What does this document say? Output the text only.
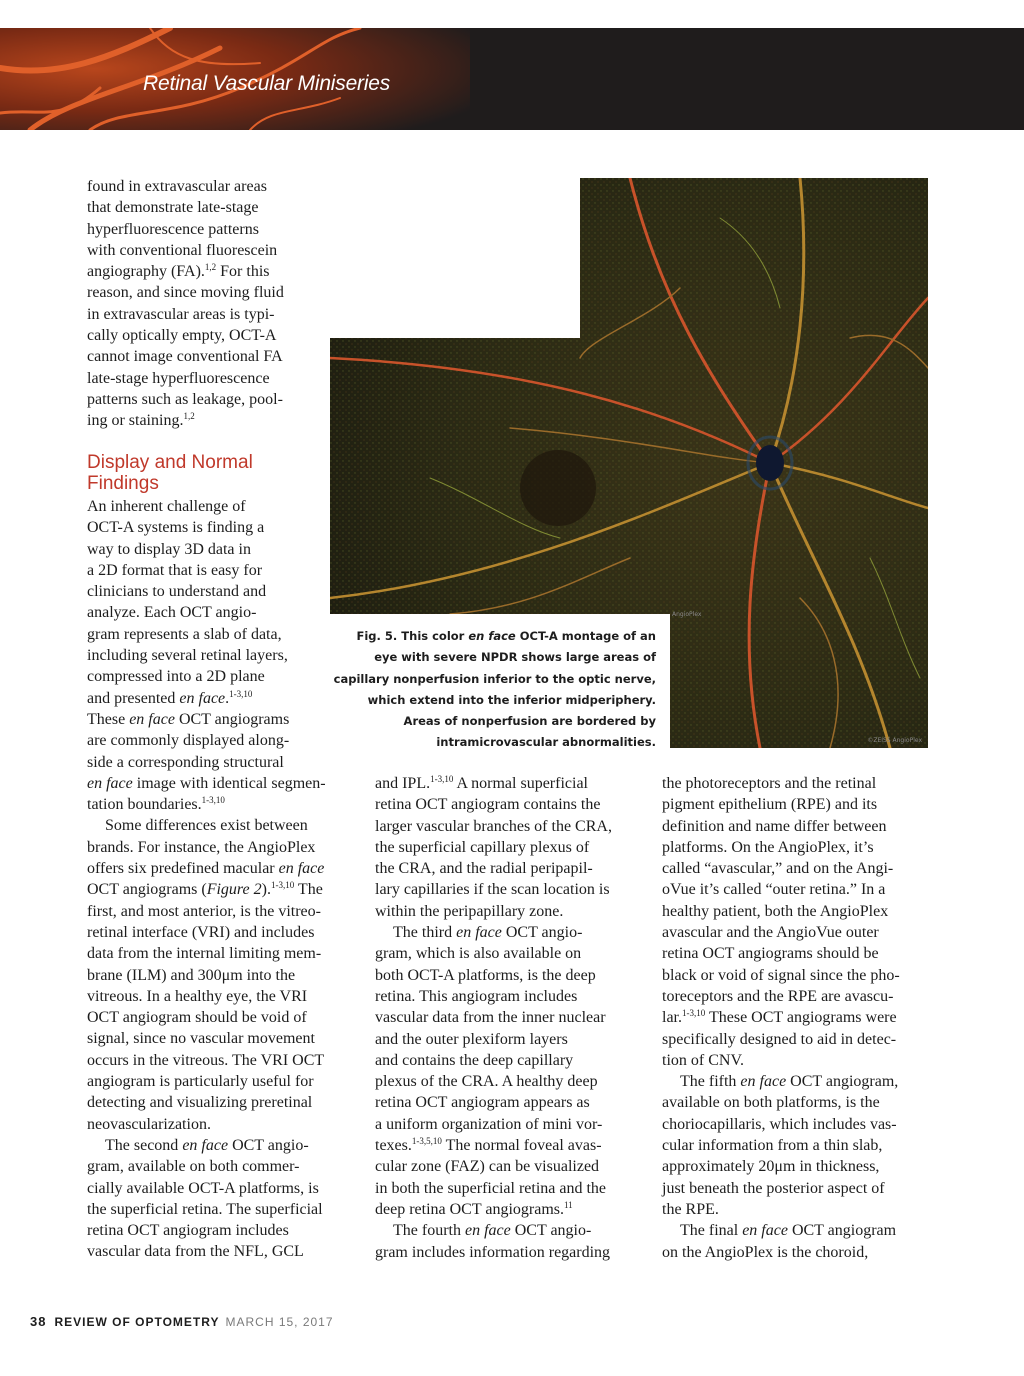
Retinal Vascular Miniseries

found in extravascular areas
that demonstrate late-stage
hyperfluorescence patterns
with conventional fluorescein
angiography (FA).$^{1,2}$ For this
reason, and since moving fluid
in extravascular areas is typi-
cally optically empty, OCT-A
cannot image conventional FA
late-stage hyperfluorescence
patterns such as leakage, pool-
ing or staining.$^{1,2}$

Display and Normal
Findings

An inherent challenge of
OCT-A systems is finding a
way to display 3D data in
a 2D format that is easy for
clinicians to understand and
analyze. Each OCT angio-
gram represents a slab of data,
including several retinal layers,
compressed into a 2D plane
and presented en face.$^{1-3,10}$
These en face OCT angiograms
are commonly displayed along-
side a corresponding structural
en face image with identical segmen-
tation boundaries.$^{1-3,10}$

Some differences exist between
brands. For instance, the AngioPlex
offers six predefined macular en face
OCT angiograms (Figure 2).$^{1-3,10}$ The
first, and most anterior, is the vitreo-
retinal interface (VRI) and includes
data from the internal limiting mem-
brane (ILM) and 300μm into the
vitreous. In a healthy eye, the VRI
OCT angiogram should be void of
signal, since no vascular movement
occurs in the vitreous. The VRI OCT
angiogram is particularly useful for
detecting and visualizing preretinal
neovascularization.

The second en face OCT angio-
gram, available on both commer-
cially available OCT-A platforms, is
the superficial retina. The superficial
retina OCT angiogram includes
vascular data from the NFL, GCL

AngioPlex
©ZEISS AngioPlex
Fig. 5. This color en face OCT-A montage of an
eye with severe NPDR shows large areas of
capillary nonperfusion inferior to the optic nerve,
which extend into the inferior midperiphery.
Areas of nonperfusion are bordered by
intramicrovascular abnormalities.

and IPL.$^{1-3,10}$ A normal superficial
retina OCT angiogram contains the
larger vascular branches of the CRA,
the superficial capillary plexus of
the CRA, and the radial peripapil-
lary capillaries if the scan location is
within the peripapillary zone.

The third en face OCT angio-
gram, which is also available on
both OCT-A platforms, is the deep
retina. This angiogram includes
vascular data from the inner nuclear
and the outer plexiform layers
and contains the deep capillary
plexus of the CRA. A healthy deep
retina OCT angiogram appears as
a uniform organization of mini vor-
texes.$^{1-3,5,10}$ The normal foveal avas-
cular zone (FAZ) can be visualized
in both the superficial retina and the
deep retina OCT angiograms.$^{11}$

The fourth en face OCT angio-
gram includes information regarding

the photoreceptors and the retinal
pigment epithelium (RPE) and its
definition and name differ between
platforms. On the AngioPlex, it’s
called “avascular,” and on the Angi-
oVue it’s called “outer retina.” In a
healthy patient, both the AngioPlex
avascular and the AngioVue outer
retina OCT angiograms should be
black or void of signal since the pho-
toreceptors and the RPE are avascu-
lar.$^{1-3,10}$ These OCT angiograms were
specifically designed to aid in detec-
tion of CNV.

The fifth en face OCT angiogram,
available on both platforms, is the
choriocapillaris, which includes vas-
cular information from a thin slab,
approximately 20μm in thickness,
just beneath the posterior aspect of
the RPE.

The final en face OCT angiogram
on the AngioPlex is the choroid,

38 REVIEW OF OPTOMETRY MARCH 15, 2017
